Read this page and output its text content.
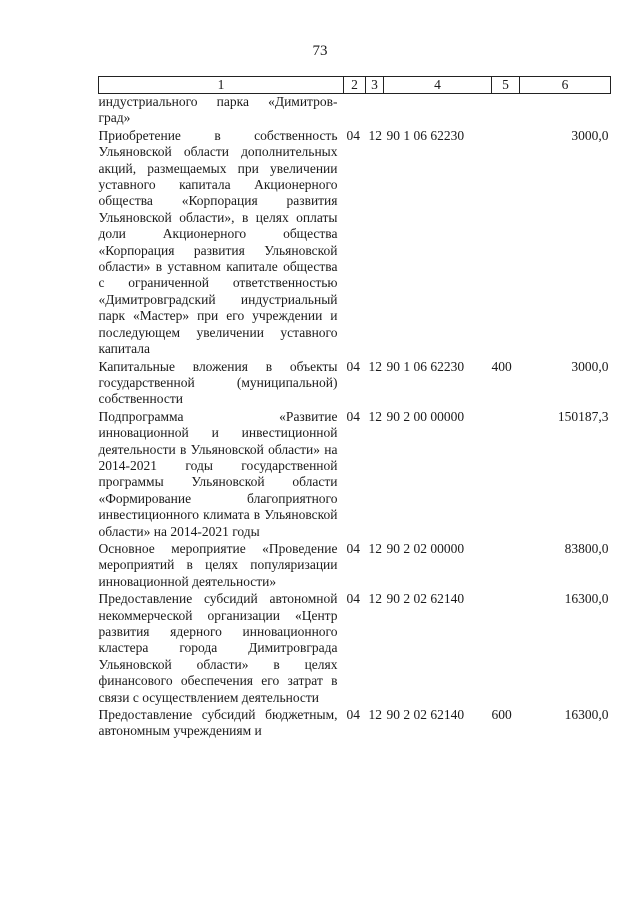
73
1	2	3	4	5	6
индустриального парка «Димитров-град»					
Приобретение в собственность Ульяновской области дополнительных акций, размещаемых при увеличении уставного капитала Акционерного общества «Корпорация развития Ульяновской области», в целях оплаты доли Акционерного общества «Корпорация развития Ульяновской области» в уставном капитале общества с ограниченной ответственностью «Димитровградский индустриальный парк «Мастер» при его учреждении и последующем увеличении уставного капитала	04	12	90 1 06 62230		3000,0
Капитальные вложения в объекты государственной (муниципальной) собственности	04	12	90 1 06 62230	400	3000,0
Подпрограмма «Развитие инновационной и инвестиционной деятельности в Ульяновской области» на 2014-2021 годы государственной программы Ульяновской области «Формирование благоприятного инвестиционного климата в Ульяновской области» на 2014-2021 годы	04	12	90 2 00 00000		150187,3
Основное мероприятие «Проведение мероприятий в целях популяризации инновационной деятельности»	04	12	90 2 02 00000		83800,0
Предоставление субсидий автономной некоммерческой организации «Центр развития ядерного инновационного кластера города Димитровграда Ульяновской области» в целях финансового обеспечения его затрат в связи с осуществлением деятельности	04	12	90 2 02 62140		16300,0
Предоставление субсидий бюджетным, автономным учреждениям и	04	12	90 2 02 62140	600	16300,0
